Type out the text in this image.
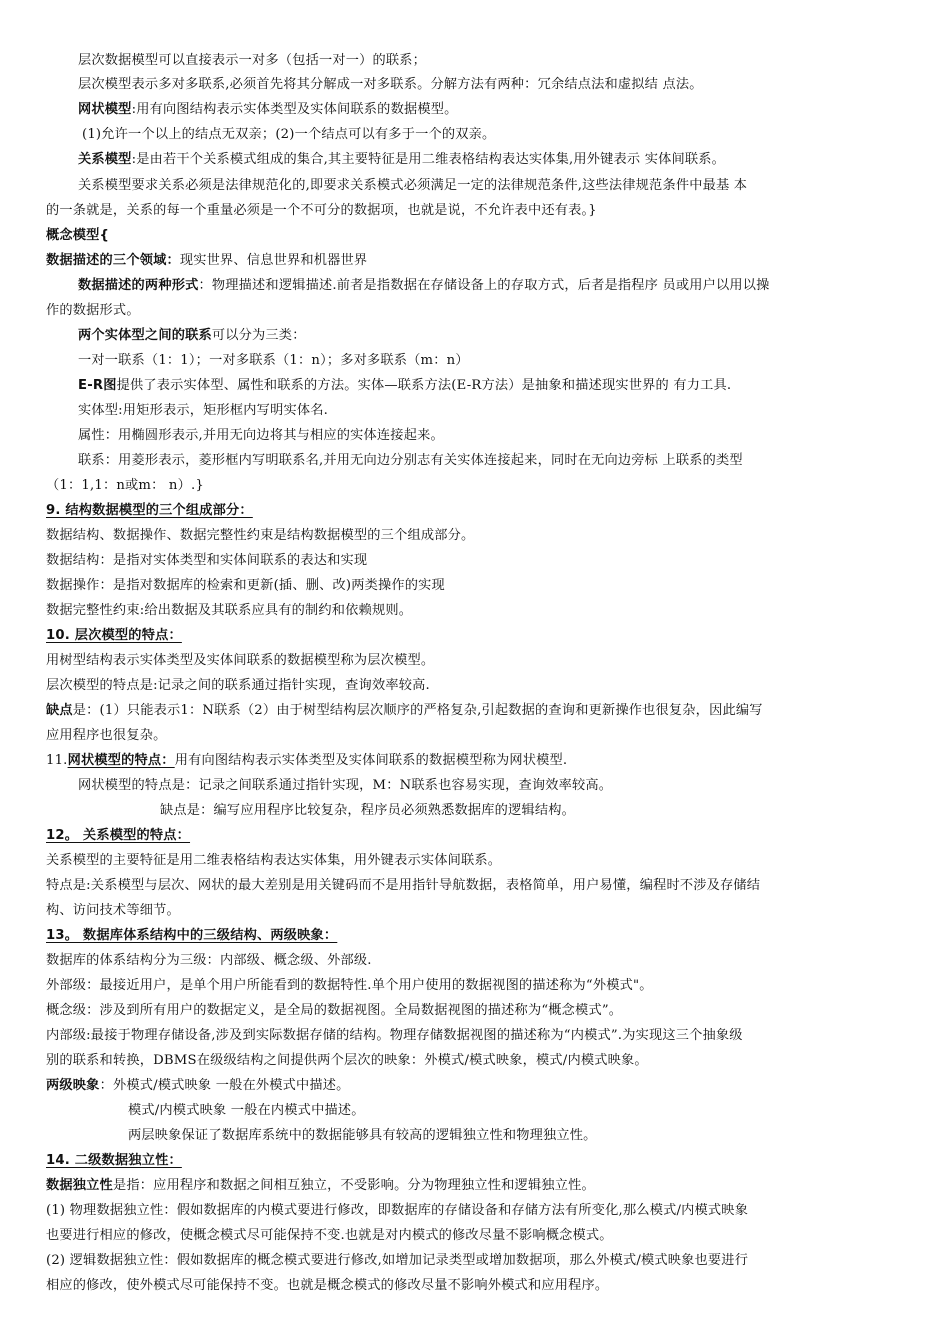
层次数据模型可以直接表示一对多（包括一对一）的联系；
层次模型表示多对多联系,必须首先将其分解成一对多联系。分解方法有两种：冗余结点法和虚拟结 点法。
网状模型:用有向图结构表示实体类型及实体间联系的数据模型。
(1)允许一个以上的结点无双亲；(2)一个结点可以有多于一个的双亲。
关系模型:是由若干个关系模式组成的集合,其主要特征是用二维表格结构表达实体集,用外键表示 实体间联系。
关系模型要求关系必须是法律规范化的,即要求关系模式必须满足一定的法律规范条件,这些法律规范条件中最基 本
的一条就是，关系的每一个重量必须是一个不可分的数据项，也就是说，不允许表中还有表。}
概念模型{
数据描述的三个领域：现实世界、信息世界和机器世界
数据描述的两种形式：物理描述和逻辑描述.前者是指数据在存储设备上的存取方式，后者是指程序 员或用户以用以操
作的数据形式。
两个实体型之间的联系可以分为三类：
一对一联系（1：1）；一对多联系（1：n）；多对多联系（m：n）
E-R图提供了表示实体型、属性和联系的方法。实体—联系方法(E-R方法）是抽象和描述现实世界的 有力工具.
实体型:用矩形表示，矩形框内写明实体名.
属性：用椭圆形表示,并用无向边将其与相应的实体连接起来。
联系：用菱形表示，菱形框内写明联系名,并用无向边分别志有关实体连接起来，同时在无向边旁标 上联系的类型
（1：1,1：n或m： n）.}
9. 结构数据模型的三个组成部分：
数据结构、数据操作、数据完整性约束是结构数据模型的三个组成部分。
数据结构：是指对实体类型和实体间联系的表达和实现
数据操作：是指对数据库的检索和更新(插、删、改)两类操作的实现
数据完整性约束:给出数据及其联系应具有的制约和依赖规则。
10. 层次模型的特点：
用树型结构表示实体类型及实体间联系的数据模型称为层次模型。
层次模型的特点是:记录之间的联系通过指针实现，查询效率较高.
缺点是：(1）只能表示1：N联系（2）由于树型结构层次顺序的严格复杂,引起数据的查询和更新操作也很复杂，因此编写
应用程序也很复杂。
11.网状模型的特点：用有向图结构表示实体类型及实体间联系的数据模型称为网状模型.
网状模型的特点是：记录之间联系通过指针实现，M：N联系也容易实现，查询效率较高。
缺点是：编写应用程序比较复杂，程序员必须熟悉数据库的逻辑结构。
12。 关系模型的特点：
关系模型的主要特征是用二维表格结构表达实体集，用外键表示实体间联系。
特点是:关系模型与层次、网状的最大差别是用关键码而不是用指针导航数据，表格简单，用户易懂，编程时不涉及存储结
构、访问技术等细节。
13。 数据库体系结构中的三级结构、两级映象：
数据库的体系结构分为三级：内部级、概念级、外部级.
外部级：最接近用户，是单个用户所能看到的数据特性.单个用户使用的数据视图的描述称为“外模式"。
概念级：涉及到所有用户的数据定义，是全局的数据视图。全局数据视图的描述称为“概念模式”。
内部级:最接于物理存储设备,涉及到实际数据存储的结构。物理存储数据视图的描述称为“内模式”.为实现这三个抽象级
别的联系和转换，DBMS在级级结构之间提供两个层次的映象：外模式/模式映象，模式/内模式映象。
两级映象：外模式/模式映象 一般在外模式中描述。
模式/内模式映象 一般在内模式中描述。
两层映象保证了数据库系统中的数据能够具有较高的逻辑独立性和物理独立性。
14. 二级数据独立性：
数据独立性是指：应用程序和数据之间相互独立，不受影响。分为物理独立性和逻辑独立性。
(1) 物理数据独立性：假如数据库的内模式要进行修改，即数据库的存储设备和存储方法有所变化,那么模式/内模式映象
也要进行相应的修改，使概念模式尽可能保持不变.也就是对内模式的修改尽量不影响概念模式。
(2) 逻辑数据独立性：假如数据库的概念模式要进行修改,如增加记录类型或增加数据项，那么外模式/模式映象也要进行
相应的修改，使外模式尽可能保持不变。也就是概念模式的修改尽量不影响外模式和应用程序。
